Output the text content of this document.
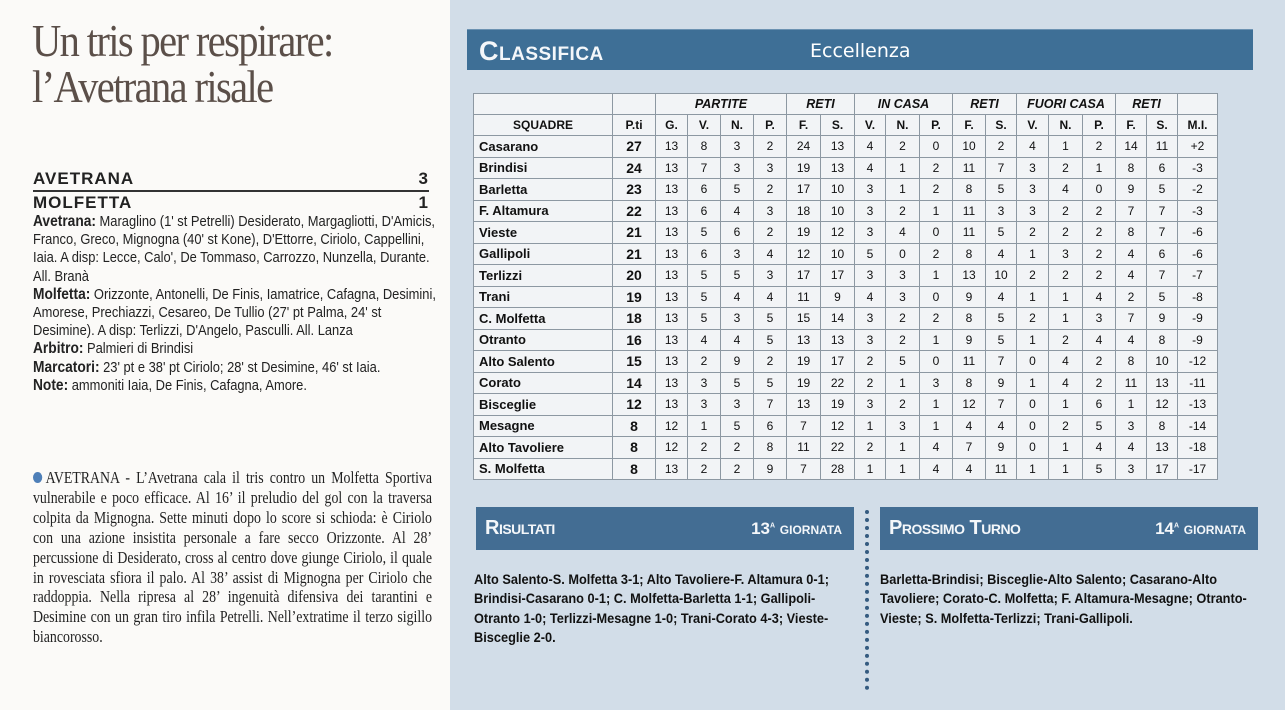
Un tris per respirare:
l’Avetrana risale
AVETRANA	3
MOLFETTA	1

Avetrana: Maraglino (1' st Petrelli) Desiderato, Margagliotti, D'Amicis, Franco, Greco, Mignogna (40' st Kone), D'Ettorre, Ciriolo, Cappellini, Iaia. A disp: Lecce, Calo', De Tommaso, Carrozzo, Nunzella, Durante. All. Branà

Molfetta: Orizzonte, Antonelli, De Finis, Iamatrice, Cafagna, Desimini, Amorese, Prechiazzi, Cesareo, De Tullio (27' pt Palma, 24' st Desimine). A disp: Terlizzi, D'Angelo, Pasculli. All. Lanza

Arbitro: Palmieri di Brindisi

Marcatori: 23' pt e 38' pt Ciriolo; 28' st Desimine, 46' st Iaia.

Note: ammoniti Iaia, De Finis, Cafagna, Amore.

AVETRANA - L’Avetrana cala il tris contro un Molfetta Sportiva vulnerabile e poco efficace. Al 16’ il preludio del gol con la traversa colpita da Mignogna. Sette minuti dopo lo score si schioda: è Ciriolo con una azione insistita personale a fare secco Orizzonte. Al 28’ percussione di Desiderato, cross al centro dove giunge Ciriolo, il quale in rovesciata sfiora il palo. Al 38’ assist di Mignogna per Ciriolo che raddoppia. Nella ripresa al 28’ ingenuità difensiva dei tarantini e Desimine con un gran tiro infila Petrelli. Nell’extratime il terzo sigillo biancorosso.
Classifica	Eccellenza
		PARTITE				RETI		IN CASA			RETI		FUORI CASA			RETI		
SQUADRE	P.ti	G.	V.	N.	P.	F.	S.	V.	N.	P.	F.	S.	V.	N.	P.	F.	S.	M.I.
Casarano	27	13	8	3	2	24	13	4	2	0	10	2	4	1	2	14	11	+2
Brindisi	24	13	7	3	3	19	13	4	1	2	11	7	3	2	1	8	6	-3
Barletta	23	13	6	5	2	17	10	3	1	2	8	5	3	4	0	9	5	-2
F. Altamura	22	13	6	4	3	18	10	3	2	1	11	3	3	2	2	7	7	-3
Vieste	21	13	5	6	2	19	12	3	4	0	11	5	2	2	2	8	7	-6
Gallipoli	21	13	6	3	4	12	10	5	0	2	8	4	1	3	2	4	6	-6
Terlizzi	20	13	5	5	3	17	17	3	3	1	13	10	2	2	2	4	7	-7
Trani	19	13	5	4	4	11	9	4	3	0	9	4	1	1	4	2	5	-8
C. Molfetta	18	13	5	3	5	15	14	3	2	2	8	5	2	1	3	7	9	-9
Otranto	16	13	4	4	5	13	13	3	2	1	9	5	1	2	4	4	8	-9
Alto Salento	15	13	2	9	2	19	17	2	5	0	11	7	0	4	2	8	10	-12
Corato	14	13	3	5	5	19	22	2	1	3	8	9	1	4	2	11	13	-11
Bisceglie	12	13	3	3	7	13	19	3	2	1	12	7	0	1	6	1	12	-13
Mesagne	8	12	1	5	6	7	12	1	3	1	4	4	0	2	5	3	8	-14
Alto Tavoliere	8	12	2	2	8	11	22	2	1	4	7	9	0	1	4	4	13	-18
S. Molfetta	8	13	2	2	9	7	28	1	1	4	4	11	1	1	5	3	17	-17
Risultati	13$^a$ giornata Prossimo Turno	14$^a$ giornata
Alto Salento-S. Molfetta 3-1; Alto Tavoliere-F. Altamura 0-1; Brindisi-Casarano 0-1; C. Molfetta-Barletta 1-1; Gallipoli-Otranto 1-0; Terlizzi-Mesagne 1-0; Trani-Corato 4-3; Vieste-Bisceglie 2-0.
Barletta-Brindisi; Bisceglie-Alto Salento; Casarano-Alto Tavoliere; Corato-C. Molfetta; F. Altamura-Mesagne; Otranto-Vieste; S. Molfetta-Terlizzi; Trani-Gallipoli.
